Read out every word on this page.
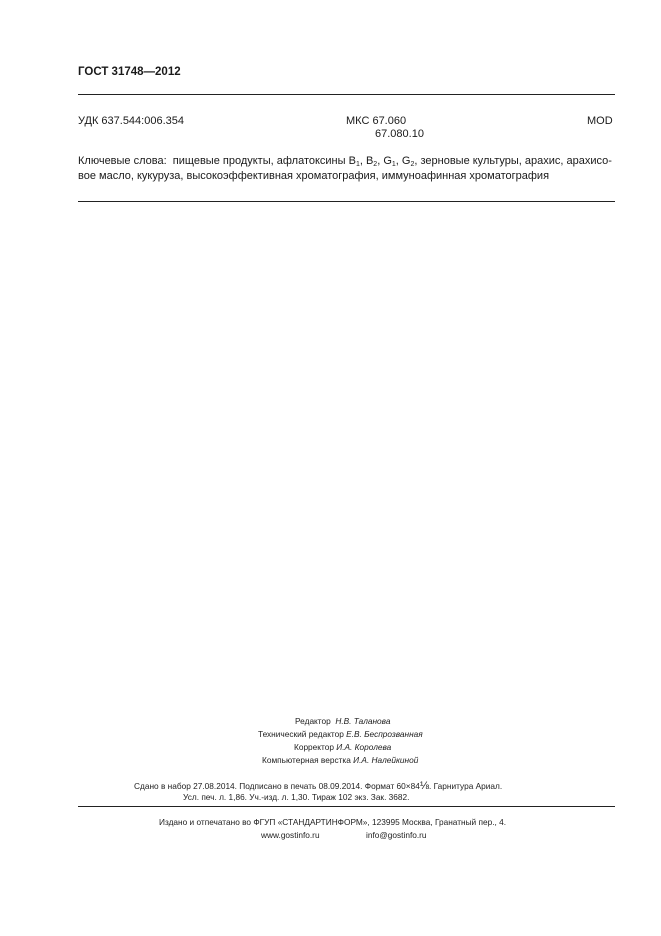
ГОСТ 31748—2012
УДК 637.544:006.354	МКС 67.060
67.080.10
MOD
Ключевые слова: пищевые продукты, афлатоксины $B_1$, $B_2$, $G_1$, $G_2$, зерновые культуры, арахис, арахисо-
вое масло, кукуруза, высокоэффективная хроматография, иммуноафинная хроматография
Редактор Н.В. Таланова
Технический редактор Е.В. Беспрозванная
Корректор И.А. Королева
Компьютерная верстка И.А. Налейкиной
Сдано в набор 27.08.2014. Подписано в печать 08.09.2014. Формат 60×84⅛. Гарнитура Ариал.
Усл. печ. л. 1,86. Уч.-изд. л. 1,30. Тираж 102 экз. Зак. 3682.
Издано и отпечатано во ФГУП «СТАНДАРТИНФОРМ», 123995 Москва, Гранатный пер., 4.
www.gostinfo.ru	info@gostinfo.ru
